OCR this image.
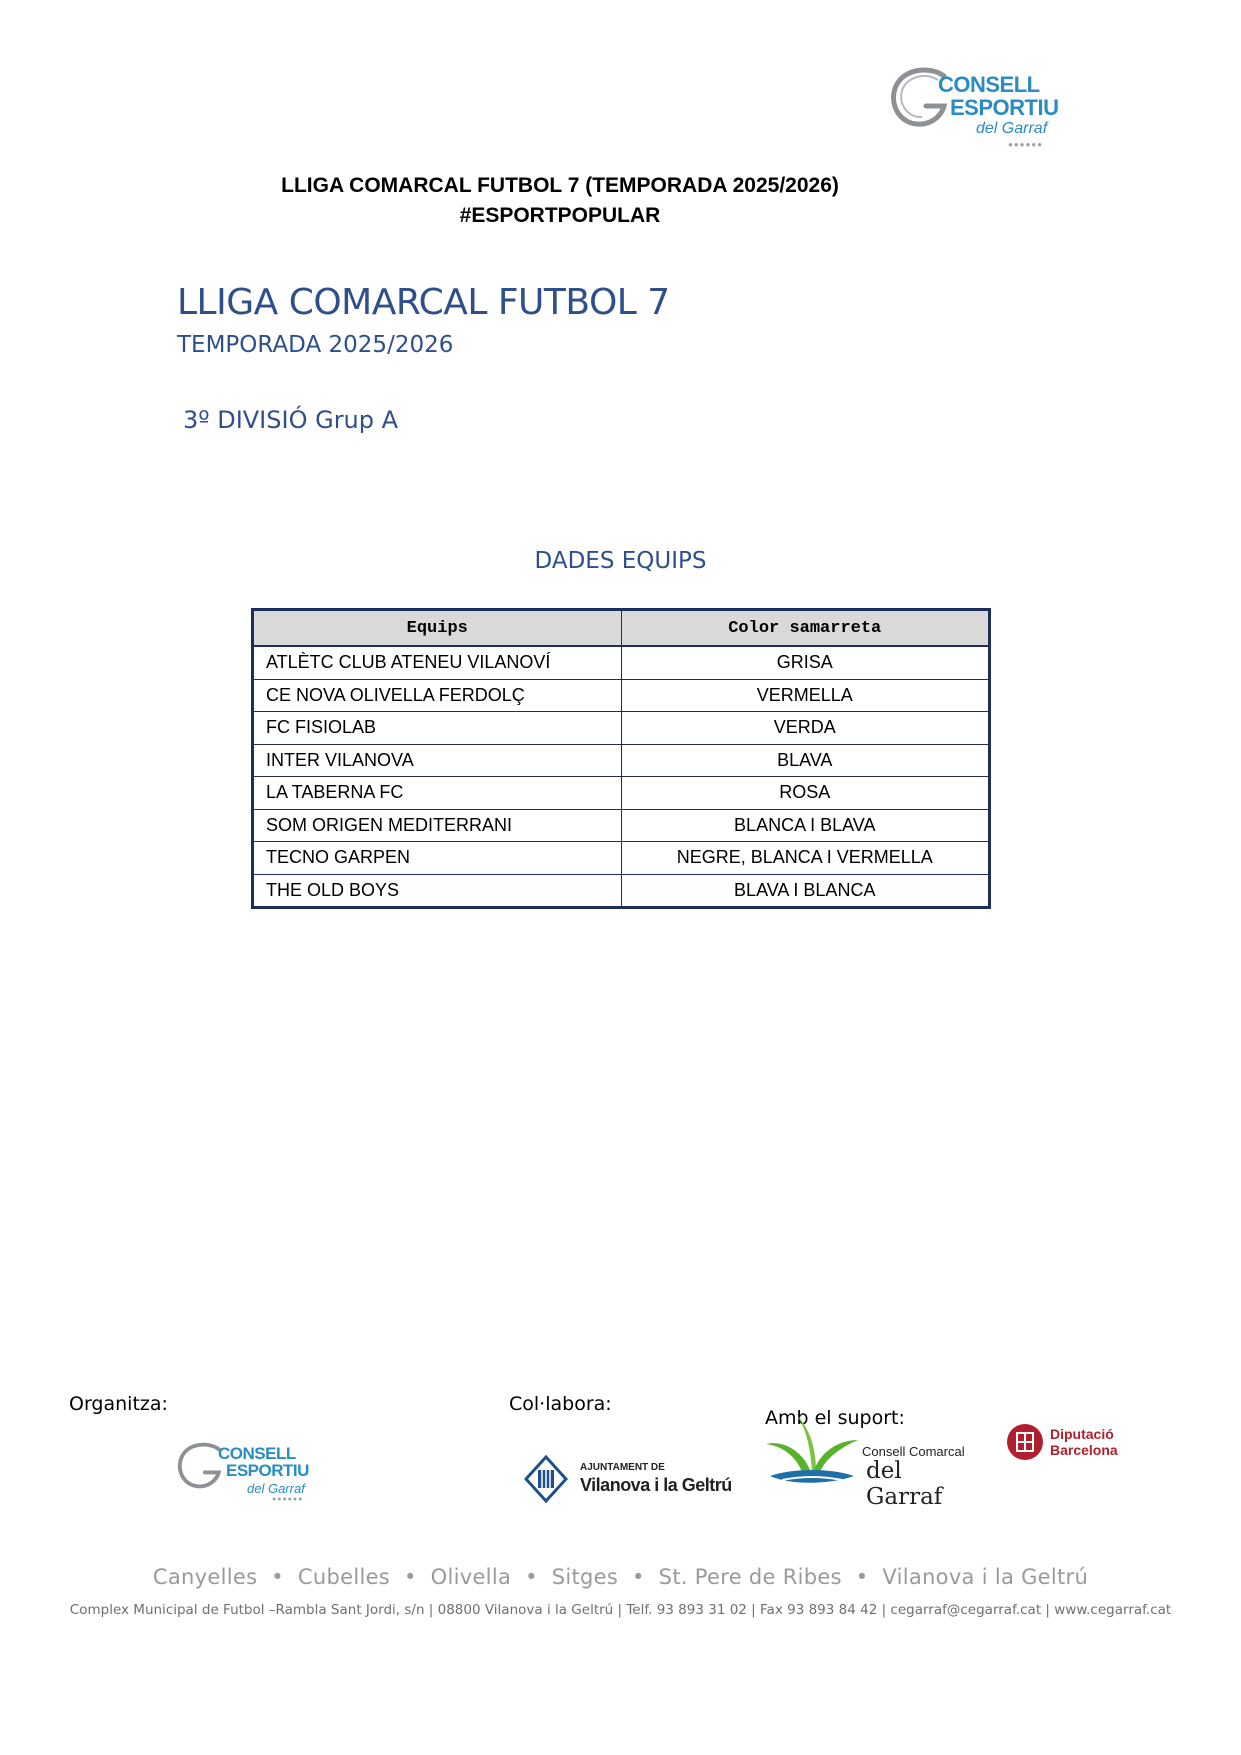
CONSELL
ESPORTIU
del Garraf
●●●●●●
LLIGA COMARCAL FUTBOL 7 (TEMPORADA 2025/2026)
#ESPORTPOPULAR
LLIGA COMARCAL FUTBOL 7
TEMPORADA 2025/2026
3º DIVISIÓ Grup A
DADES EQUIPS
Equips	Color samarreta
ATLÈTC CLUB ATENEU VILANOVÍ	GRISA
CE NOVA OLIVELLA FERDOLÇ	VERMELLA
FC FISIOLAB	VERDA
INTER VILANOVA	BLAVA
LA TABERNA FC	ROSA
SOM ORIGEN MEDITERRANI	BLANCA I BLAVA
TECNO GARPEN	NEGRE, BLANCA I VERMELLA
THE OLD BOYS	BLAVA I BLANCA
Organitza:	Col·labora:
Amb el suport:
CONSELL
ESPORTIU
del Garraf
●●●●●●
AJUNTAMENT DE
Vilanova i la Geltrú
Consell Comarcal
del Garraf
Diputació
Barcelona
Canyelles  •  Cubelles  •  Olivella  •  Sitges  •  St. Pere de Ribes  •  Vilanova i la Geltrú
Complex Municipal de Futbol –Rambla Sant Jordi, s/n | 08800 Vilanova i la Geltrú | Telf. 93 893 31 02 | Fax 93 893 84 42 | cegarraf@cegarraf.cat | www.cegarraf.cat
